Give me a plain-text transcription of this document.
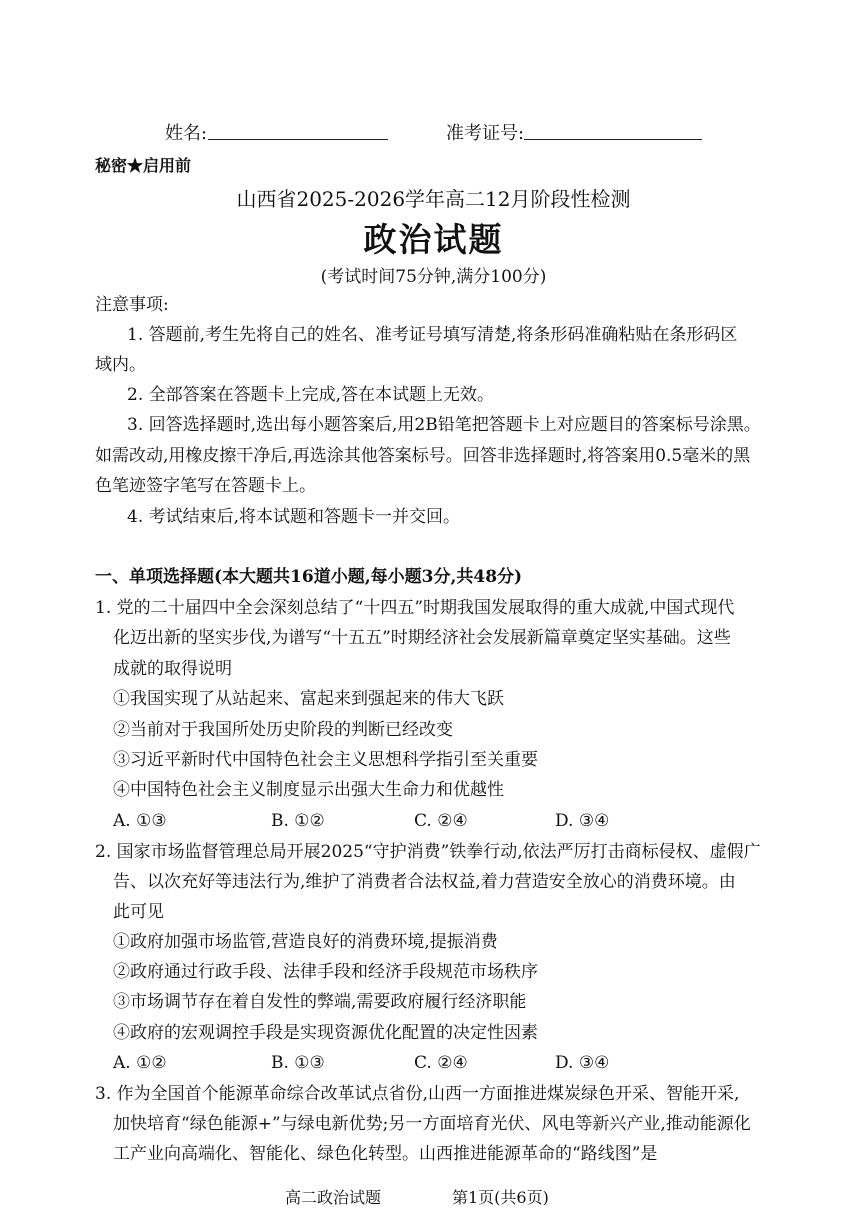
姓名:	准考证号:
秘密★启用前
山西省2025-2026学年高二12月阶段性检测
政治试题
(考试时间75分钟,满分100分)
注意事项:
1. 答题前,考生先将自己的姓名、准考证号填写清楚,将条形码准确粘贴在条形码区
域内。
2. 全部答案在答题卡上完成,答在本试题上无效。
3. 回答选择题时,选出每小题答案后,用2B铅笔把答题卡上对应题目的答案标号涂黑。
如需改动,用橡皮擦干净后,再选涂其他答案标号。回答非选择题时,将答案用0.5毫米的黑
色笔迹签字笔写在答题卡上。
4. 考试结束后,将本试题和答题卡一并交回。
一、单项选择题(本大题共16道小题,每小题3分,共48分)
1. 党的二十届四中全会深刻总结了“十四五”时期我国发展取得的重大成就,中国式现代
化迈出新的坚实步伐,为谱写“十五五”时期经济社会发展新篇章奠定坚实基础。这些
成就的取得说明
①我国实现了从站起来、富起来到强起来的伟大飞跃
②当前对于我国所处历史阶段的判断已经改变
③习近平新时代中国特色社会主义思想科学指引至关重要
④中国特色社会主义制度显示出强大生命力和优越性
A. ①③	B. ①②	C. ②④	D. ③④
2. 国家市场监督管理总局开展2025“守护消费”铁拳行动,依法严厉打击商标侵权、虚假广
告、以次充好等违法行为,维护了消费者合法权益,着力营造安全放心的消费环境。由
此可见
①政府加强市场监管,营造良好的消费环境,提振消费
②政府通过行政手段、法律手段和经济手段规范市场秩序
③市场调节存在着自发性的弊端,需要政府履行经济职能
④政府的宏观调控手段是实现资源优化配置的决定性因素
A. ①②	B. ①③	C. ②④	D. ③④
3. 作为全国首个能源革命综合改革试点省份,山西一方面推进煤炭绿色开采、智能开采,
加快培育“绿色能源+”与绿电新优势;另一方面培育光伏、风电等新兴产业,推动能源化
工产业向高端化、智能化、绿色化转型。山西推进能源革命的“路线图”是
高二政治试题	第1页(共6页)
